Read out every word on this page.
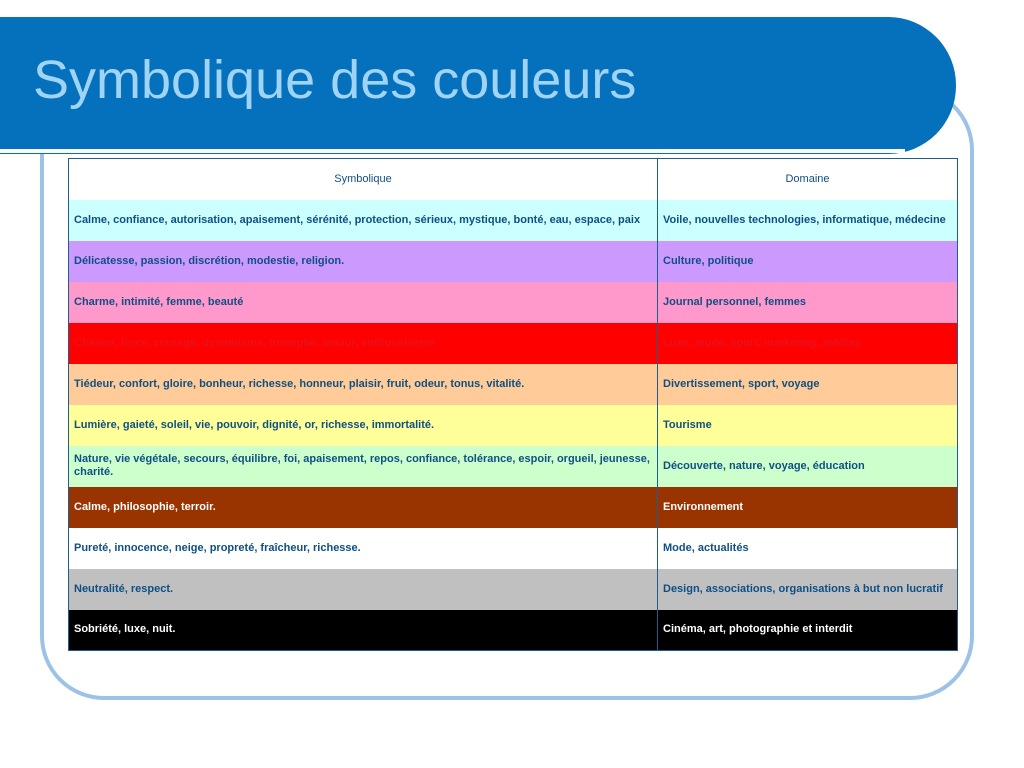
Symbolique des couleurs
Symbolique	Domaine
Calme, confiance, autorisation, apaisement, sérénité, protection, sérieux, mystique, bonté, eau, espace, paix	Voile, nouvelles technologies, informatique, médecine
Délicatesse, passion, discrétion, modestie, religion.	Culture, politique
Charme, intimité, femme, beauté	Journal personnel, femmes
Chaleur, force, courage, dynamisme, triomphe, amour, enthousiasme	Luxe, mode, sport, marketing, médias
Tiédeur, confort, gloire, bonheur, richesse, honneur, plaisir, fruit, odeur, tonus, vitalité.	Divertissement, sport, voyage
Lumière, gaieté, soleil, vie, pouvoir, dignité, or, richesse, immortalité.	Tourisme
Nature, vie végétale, secours, équilibre, foi, apaisement, repos, confiance, tolérance, espoir, orgueil, jeunesse, charité.	Découverte, nature, voyage, éducation
Calme, philosophie, terroir.	Environnement
Pureté, innocence, neige, propreté, fraîcheur, richesse.	Mode, actualités
Neutralité, respect.	Design, associations, organisations à but non lucratif
Sobriété, luxe, nuit.	Cinéma, art, photographie et interdit
